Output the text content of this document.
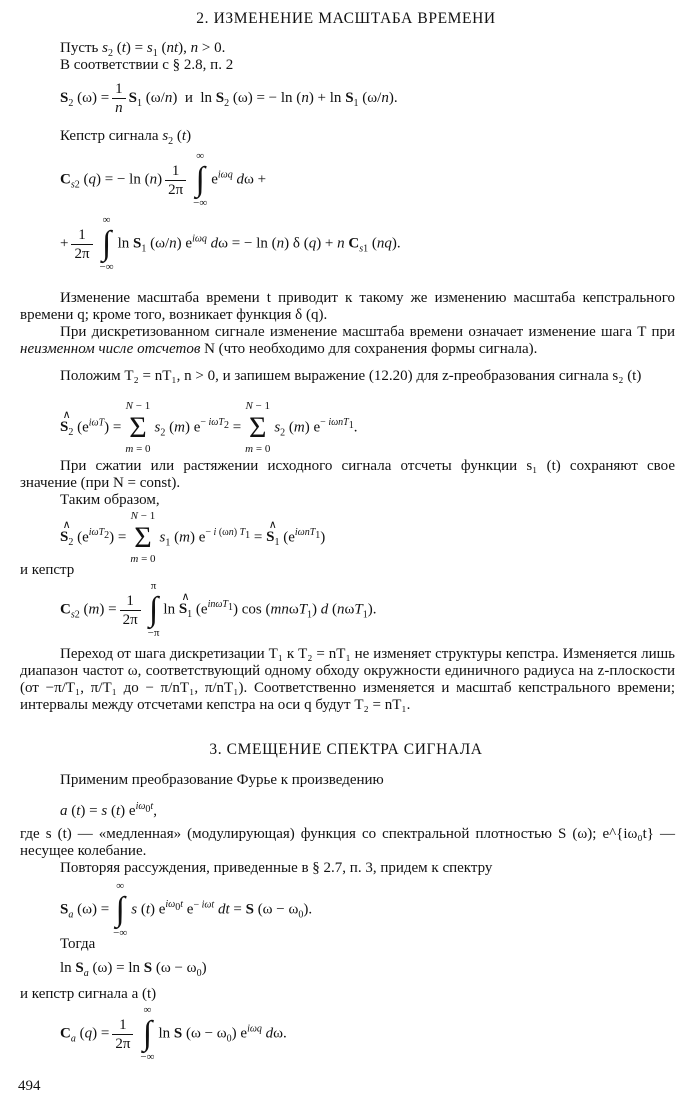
2. ИЗМЕНЕНИЕ МАСШТАБА ВРЕМЕНИ
Пусть $s_2$ $(t) = s_1$ (nt), n > 0.
В соответствии с § 2.8, п. 2
$S_2$ $(\omega) = \frac{1}{n} S_1$ (ω/n)  и  $\ln S_2$ (ω) = − $\ln (n) + \ln S_1$ (ω/n).
Кепстр сигнала $s_2$ (t)
$C_{s2}$ (q) = − $\ln (n) \frac{1}{2\pi}$
∞
∫
−∞
$e^{i\omega q}$ dω +
+ $\frac{1}{2\pi}$
∞
∫
−∞
$\ln S_1$ (ω/n) $e^{i\omega q}$ dω = − ln (n) δ (q) + n $C_{s1}$ (nq).
Изменение масштаба времени t приводит к такому же изменению масштаба кепстрального времени q; кроме того, возникает функция δ (q).
При дискретизованном сигнале изменение масштаба времени означает изменение шага T при неизменном числе отсчетов N (что необходимо для сохранения формы сигнала).
Положим T₂ = nT₁, n > 0, и запишем выражение (12.20) для z-преобразования сигнала s₂ (t)
∧ $S_2$ $(e^{i\omega T})$ =
N − 1
Σ
m = 0
$s_2$ (m) $e^{- i\omega T_2}$ =
N − 1
Σ
m = 0
$s_2$ (m) $e^{- i\omega nT_1}$.
При сжатии или растяжении исходного сигнала отсчеты функции s₁ (t) сохраняют свое значение (при N = const).
Таким образом,
∧ $S_2$ $(e^{i\omega T_2})$ =
N − 1
Σ
m = 0
$s_1$ (m) $e^{- i (\omega n) T_1}$ = ∧ $S_1$ $(e^{i\omega nT_1})$
и кепстр
$C_{s2}$ $(m) = \frac{1}{2\pi}$
π
∫
−π
ln ∧ $S_1$ $(e^{in\omega T_1})$ cos (mnωT$_1$) d (nωT$_1$).
Переход от шага дискретизации T₁ к T₂ = nT₁ не изменяет структуры кепстра. Изменяется лишь диапазон частот ω, соответствующий одному обходу окружности единичного радиуса на z-плоскости (от −π/T₁, π/T₁ до − π/nT₁, π/nT₁). Соответственно изменяется и масштаб кепстрального времени; интервалы между отсчетами кепстра на оси q будут T₂ = nT₁.
3. СМЕЩЕНИЕ СПЕКТРА СИГНАЛА
Применим преобразование Фурье к произведению
a (t) = s (t) $e^{i\omega_0t}$,
где s (t) — «медленная» (модулирующая) функция со спектральной плотностью S (ω); e^{iω₀t} — несущее колебание.
Повторяя рассуждения, приведенные в § 2.7, п. 3, придем к спектру
$S_a$ (ω) =
∞
∫
−∞
s (t) $e^{i\omega_0t}$ $e^{- i\omega t}$ dt = S $(\omega - \omega_0)$.
Тогда
$\ln S_a$ (ω) = ln S $(\omega - \omega_0)$
и кепстр сигнала a (t)
$C_a$ $(q) = \frac{1}{2\pi}$
∞
∫
−∞
ln S $(\omega - \omega_0)$ $e^{i\omega q}$ dω.
494
